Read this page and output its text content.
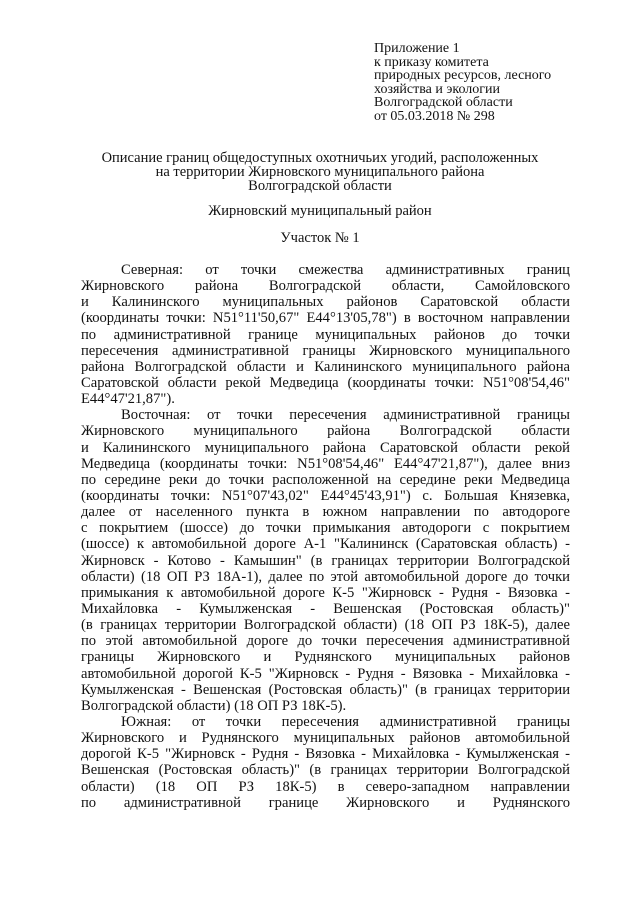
Приложение 1
к приказу комитета
природных ресурсов, лесного
хозяйства и экологии
Волгоградской области
от 05.03.2018 № 298
Описание границ общедоступных охотничьих угодий, расположенных
на территории Жирновского муниципального района
Волгоградской области
Жирновский муниципальный район
Участок № 1
Северная: от точки смежества административных границ
Жирновского района Волгоградской области, Самойловского
и Калининского муниципальных районов Саратовской области
(координаты точки: N51°11'50,67" E44°13'05,78") в восточном направлении
по административной границе муниципальных районов до точки
пересечения административной границы Жирновского муниципального
района Волгоградской области и Калининского муниципального района
Саратовской области рекой Медведица (координаты точки: N51°08'54,46"
E44°47'21,87").
Восточная: от точки пересечения административной границы
Жирновского муниципального района Волгоградской области
и Калининского муниципального района Саратовской области рекой
Медведица (координаты точки: N51°08'54,46" E44°47'21,87"), далее вниз
по середине реки до точки расположенной на середине реки Медведица
(координаты точки: N51°07'43,02" E44°45'43,91") с. Большая Князевка,
далее от населенного пункта в южном направлении по автодороге
с покрытием (шоссе) до точки примыкания автодороги с покрытием
(шоссе) к автомобильной дороге А-1 "Калининск (Саратовская область) -
Жирновск - Котово - Камышин" (в границах территории Волгоградской
области) (18 ОП РЗ 18А-1), далее по этой автомобильной дороге до точки
примыкания к автомобильной дороге К-5 "Жирновск - Рудня - Вязовка -
Михайловка - Кумылженская - Вешенская (Ростовская область)"
(в границах территории Волгоградской области) (18 ОП РЗ 18К-5), далее
по этой автомобильной дороге до точки пересечения административной
границы Жирновского и Руднянского муниципальных районов
автомобильной дорогой К-5 "Жирновск - Рудня - Вязовка - Михайловка -
Кумылженская - Вешенская (Ростовская область)" (в границах территории
Волгоградской области) (18 ОП РЗ 18К-5).
Южная: от точки пересечения административной границы
Жирновского и Руднянского муниципальных районов автомобильной
дорогой К-5 "Жирновск - Рудня - Вязовка - Михайловка - Кумылженская -
Вешенская (Ростовская область)" (в границах территории Волгоградской
области) (18 ОП РЗ 18К-5) в северо-западном направлении
по административной границе Жирновского и Руднянского
